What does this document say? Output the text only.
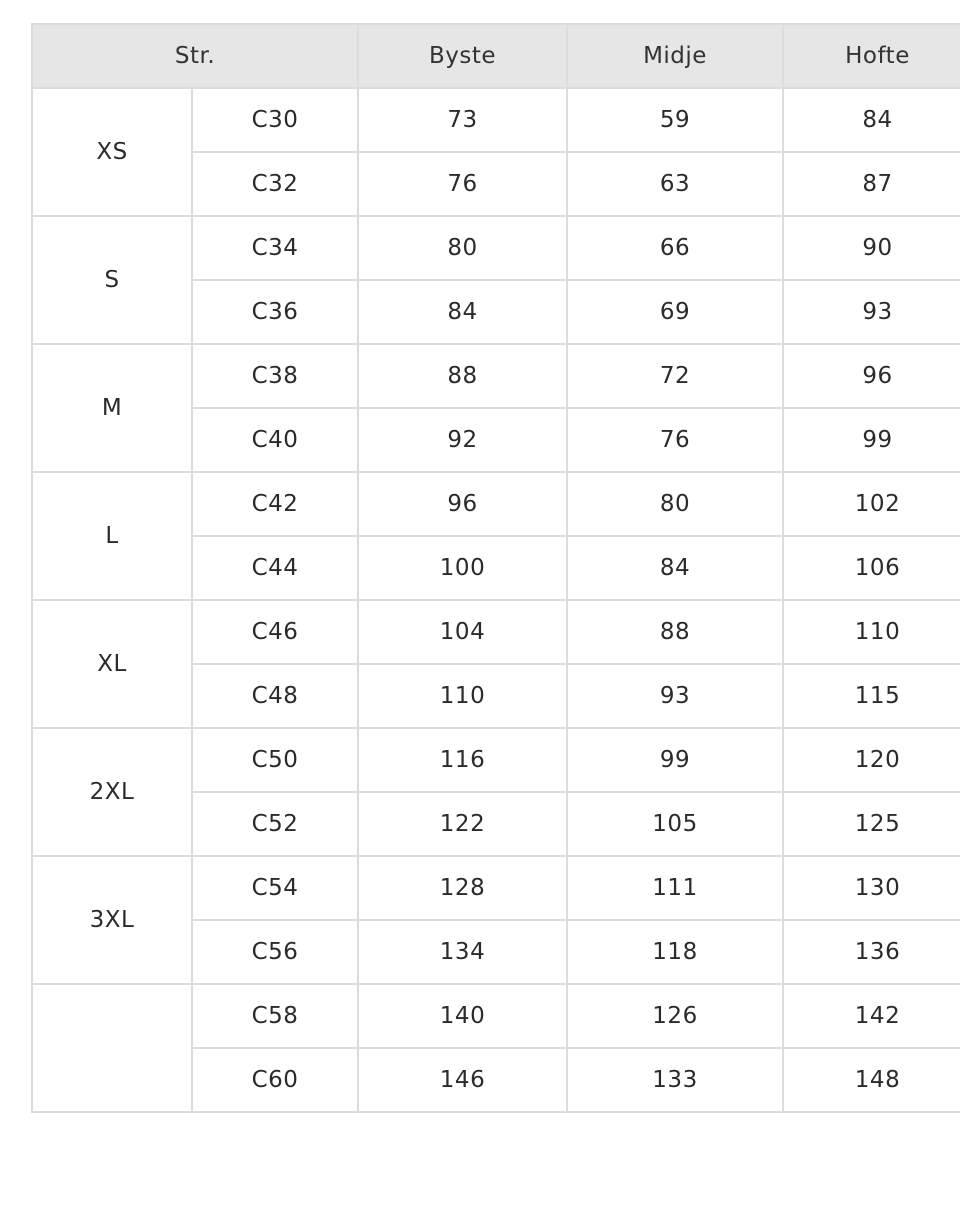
Str.		Byste	Midje	Hofte
XS	C30	73	59	84
	C32	76	63	87
S	C34	80	66	90
	C36	84	69	93
M	C38	88	72	96
	C40	92	76	99
L	C42	96	80	102
	C44	100	84	106
XL	C46	104	88	110
	C48	110	93	115
2XL	C50	116	99	120
	C52	122	105	125
3XL	C54	128	111	130
	C56	134	118	136
	C58	140	126	142
	C60	146	133	148
